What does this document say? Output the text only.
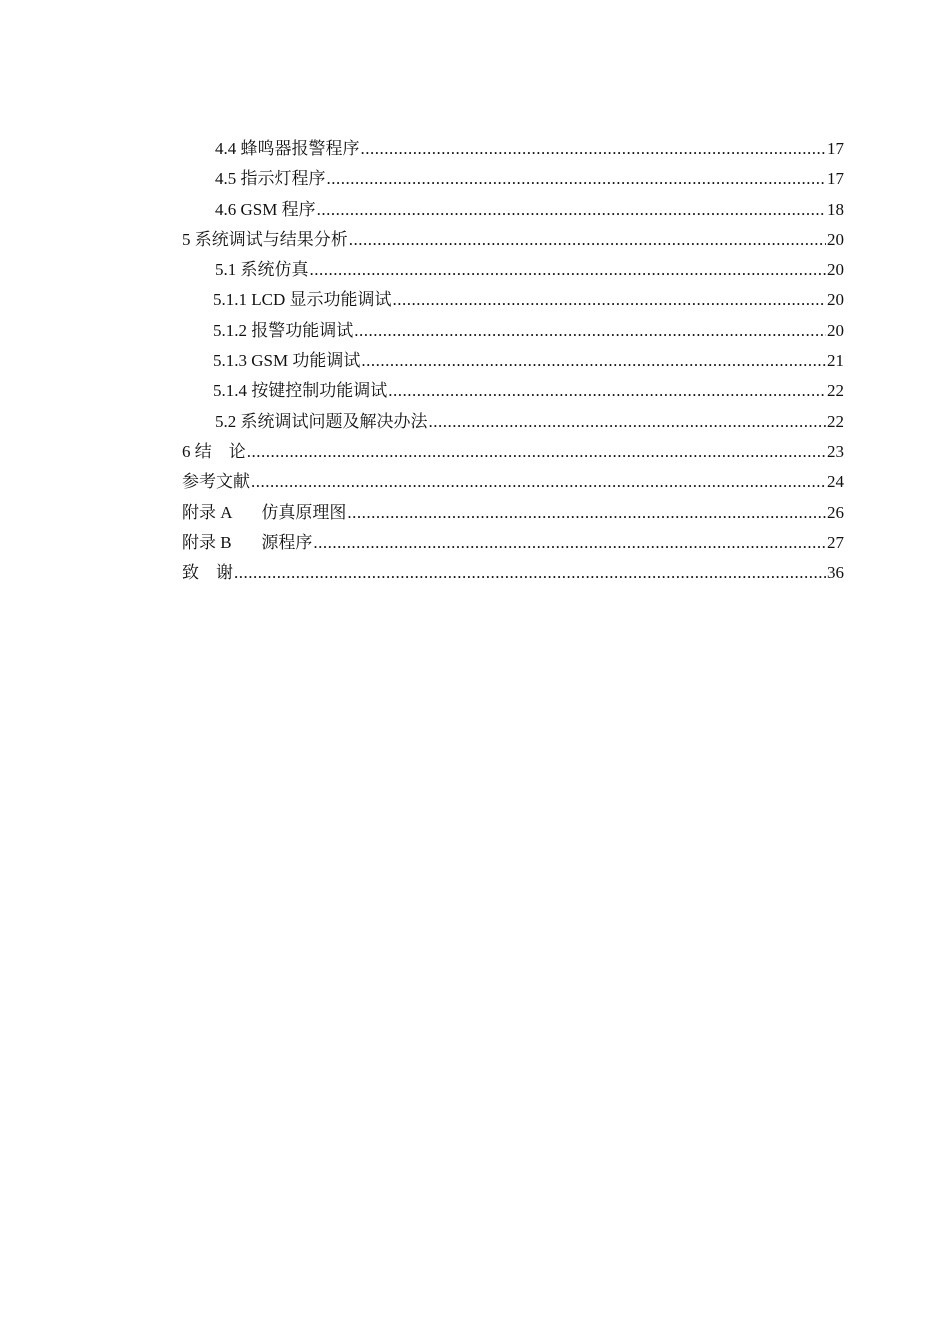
4.4 蜂鸣器报警程序 .....	17
4.5 指示灯程序 .....	17
4.6 GSM 程序 .....	18
5 系统调试与结果分析 .....	20
5.1 系统仿真 .....	20
5.1.1 LCD 显示功能调试 .....	20
5.1.2 报警功能调试 .....	20
5.1.3 GSM 功能调试 .....	21
5.1.4 按键控制功能调试 .....	22
5.2 系统调试问题及解决办法 .....	22
6 结    论 .....	23
参考文献 .....	24
附录 A       仿真原理图 .....	26
附录 B       源程序 .....	27
致    谢 .....	36
